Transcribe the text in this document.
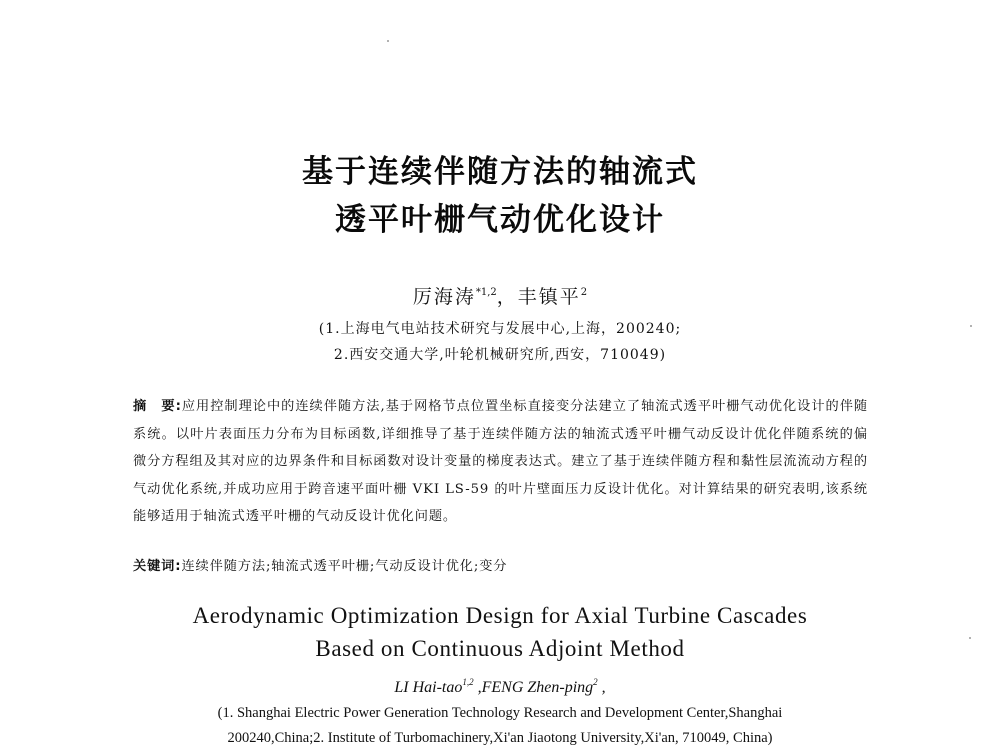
基于连续伴随方法的轴流式
透平叶栅气动优化设计
厉海涛$^{*1,2}$，丰镇平$^2$
(1.上海电气电站技术研究与发展中心,上海，200240;
2.西安交通大学,叶轮机械研究所,西安，710049)
摘　要:应用控制理论中的连续伴随方法,基于网格节点位置坐标直接变分法建立了轴流式透平叶栅气动优化设计的伴随系统。以叶片表面压力分布为目标函数,详细推导了基于连续伴随方法的轴流式透平叶栅气动反设计优化伴随系统的偏微分方程组及其对应的边界条件和目标函数对设计变量的梯度表达式。建立了基于连续伴随方程和黏性层流流动方程的气动优化系统,并成功应用于跨音速平面叶栅 VKI LS-59 的叶片壁面压力反设计优化。对计算结果的研究表明,该系统能够适用于轴流式透平叶栅的气动反设计优化问题。
关键词:连续伴随方法;轴流式透平叶栅;气动反设计优化;变分
Aerodynamic Optimization Design for Axial Turbine Cascades
Based on Continuous Adjoint Method
LI Hai-tao$^{1,2}$ ,FENG Zhen-ping$^2$ ,
(1. Shanghai Electric Power Generation Technology Research and Development Center,Shanghai
200240,China;2. Institute of Turbomachinery,Xi'an Jiaotong University,Xi'an, 710049, China)
